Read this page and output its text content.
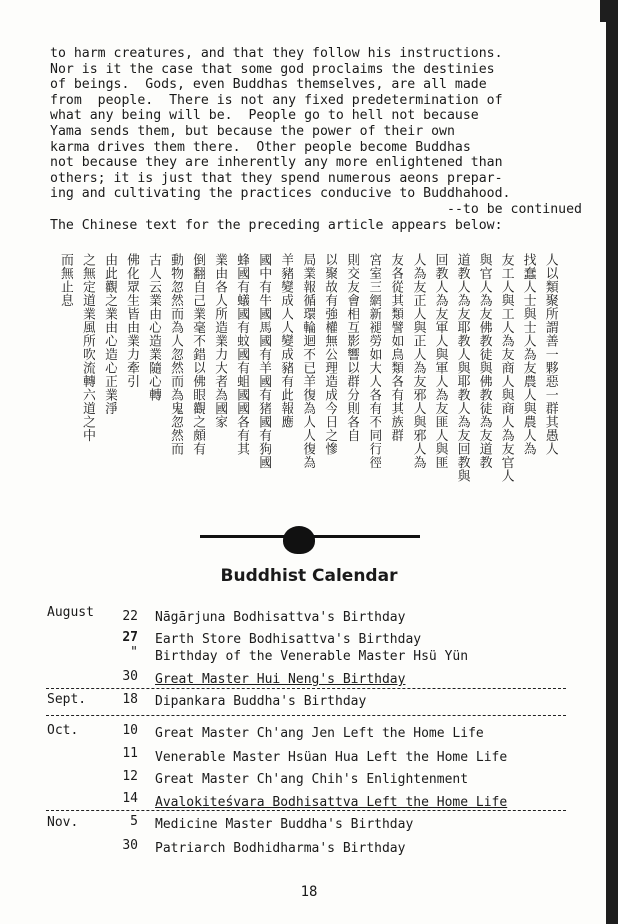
to harm creatures, and that they follow his instructions.
Nor is it the case that some god proclaims the destinies
of beings.  Gods, even Buddhas themselves, are all made
from  people.  There is not any fixed predetermination of
what any being will be.  People go to hell not because
Yama sends them, but because the power of their own
karma drives them there.  Other people become Buddhas
not because they are inherently any more enlightened than
others; it is just that they spend numerous aeons prepar-
ing and cultivating the practices conducive to Buddhahood.
--to be continued
The Chinese text for the preceding article appears below:
人以類聚所謂善一夥惡一群其愚人
找蠢人士與士人為友農人與農人為
友工人與工人為友商人與商人為友官人
與官人為友佛教徒與佛教徒為友道教
道教人為友耶教人與耶教人為友回教與
回教人為友軍人與軍人為友匪人與匪
人為友正人與正人為友邪人與邪人為
友各從其類譬如鳥類各有其族群
宮室三網新褪勞如大人各有不同行徑
則交友會相互影響以群分則各自
以聚故有強權無公理造成今日之慘
局業報循環輪迴不已羊復為人人復為
羊豬變成人人變成豬有此報應
國中有牛國馬國有羊國有猪國有狗國
蜂國有蟻國有蚊國有蛆國國各有其
業由各人所造業力大者為國家
倒翻自己業毫不錯以佛眼觀之頗有
動物忽然而為人忽然而為鬼忽然而
古人云業由心造業隨心轉
佛化眾生皆由業力牽引
由此觀之業由心造心正業淨
之無定道業風所吹流轉六道之中
而無止息
Buddhist Calendar
August	22 Nāgārjuna Bodhisattva's Birthday
27 Earth Store Bodhisattva's Birthday
" Birthday of the Venerable Master Hsü Yün
30 Great Master Hui Neng's Birthday
Sept.	18 Dipankara Buddha's Birthday
Oct.	10 Great Master Ch'ang Jen Left the Home Life
11 Venerable Master Hsüan Hua Left the Home Life
12 Great Master Ch'ang Chih's Enlightenment
14 Avalokiteśvara Bodhisattva Left the Home Life
Nov.	5 Medicine Master Buddha's Birthday
30 Patriarch Bodhidharma's Birthday
18
